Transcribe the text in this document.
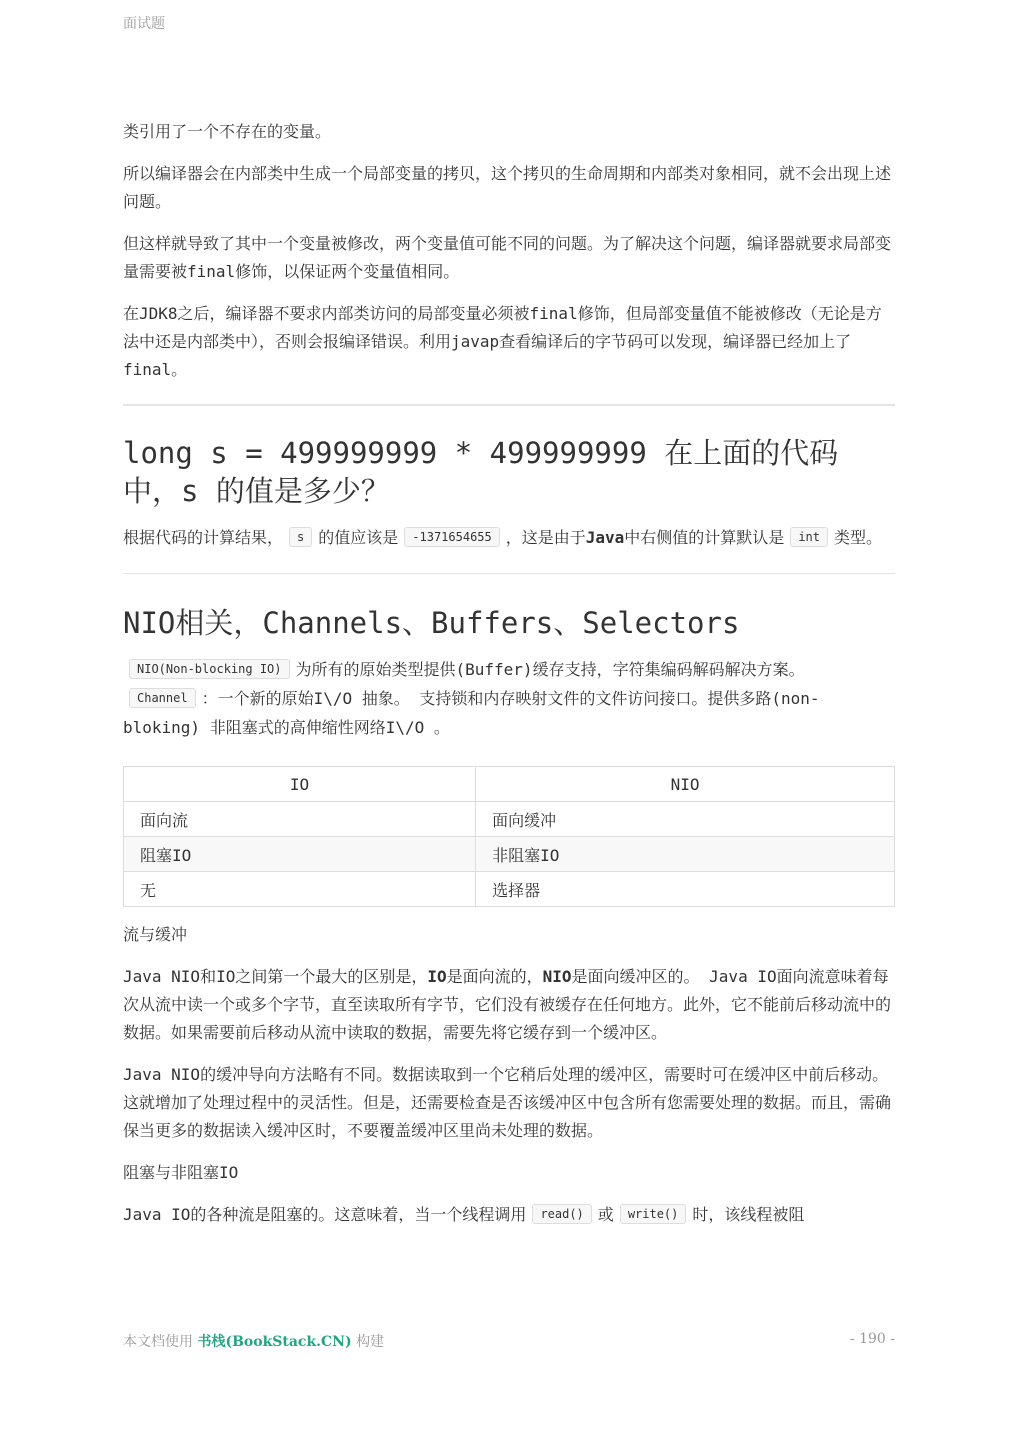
面试题

类引用了一个不存在的变量。

所以编译器会在内部类中生成一个局部变量的拷贝，这个拷贝的生命周期和内部类对象相同，就不会出现上述问题。

但这样就导致了其中一个变量被修改，两个变量值可能不同的问题。为了解决这个问题，编译器就要求局部变量需要被final修饰，以保证两个变量值相同。

在JDK8之后，编译器不要求内部类访问的局部变量必须被final修饰，但局部变量值不能被修改（无论是方法中还是内部类中），否则会报编译错误。利用javap查看编译后的字节码可以发现，编译器已经加上了final。

long s = 499999999 * 499999999 在上面的代码中，s 的值是多少？

根据代码的计算结果， s 的值应该是 -1371654655 ，这是由于Java中右侧值的计算默认是 int 类型。

NIO相关，Channels、Buffers、Selectors

NIO(Non-blocking IO) 为所有的原始类型提供(Buffer)缓存支持，字符集编码解码解决方案。
Channel ：一个新的原始I\/O 抽象。 支持锁和内存映射文件的文件访问接口。提供多路(non-bloking) 非阻塞式的高伸缩性网络I\/O 。

IO	NIO
面向流	面向缓冲
阻塞IO	非阻塞IO
无	选择器

流与缓冲

Java NIO和IO之间第一个最大的区别是，IO是面向流的，NIO是面向缓冲区的。 Java IO面向流意味着每次从流中读一个或多个字节，直至读取所有字节，它们没有被缓存在任何地方。此外，它不能前后移动流中的数据。如果需要前后移动从流中读取的数据，需要先将它缓存到一个缓冲区。

Java NIO的缓冲导向方法略有不同。数据读取到一个它稍后处理的缓冲区，需要时可在缓冲区中前后移动。这就增加了处理过程中的灵活性。但是，还需要检查是否该缓冲区中包含所有您需要处理的数据。而且，需确保当更多的数据读入缓冲区时，不要覆盖缓冲区里尚未处理的数据。

阻塞与非阻塞IO

Java IO的各种流是阻塞的。这意味着，当一个线程调用 read() 或 write() 时，该线程被阻

本文档使用 书栈(BookStack.CN) 构建	- 190 -
